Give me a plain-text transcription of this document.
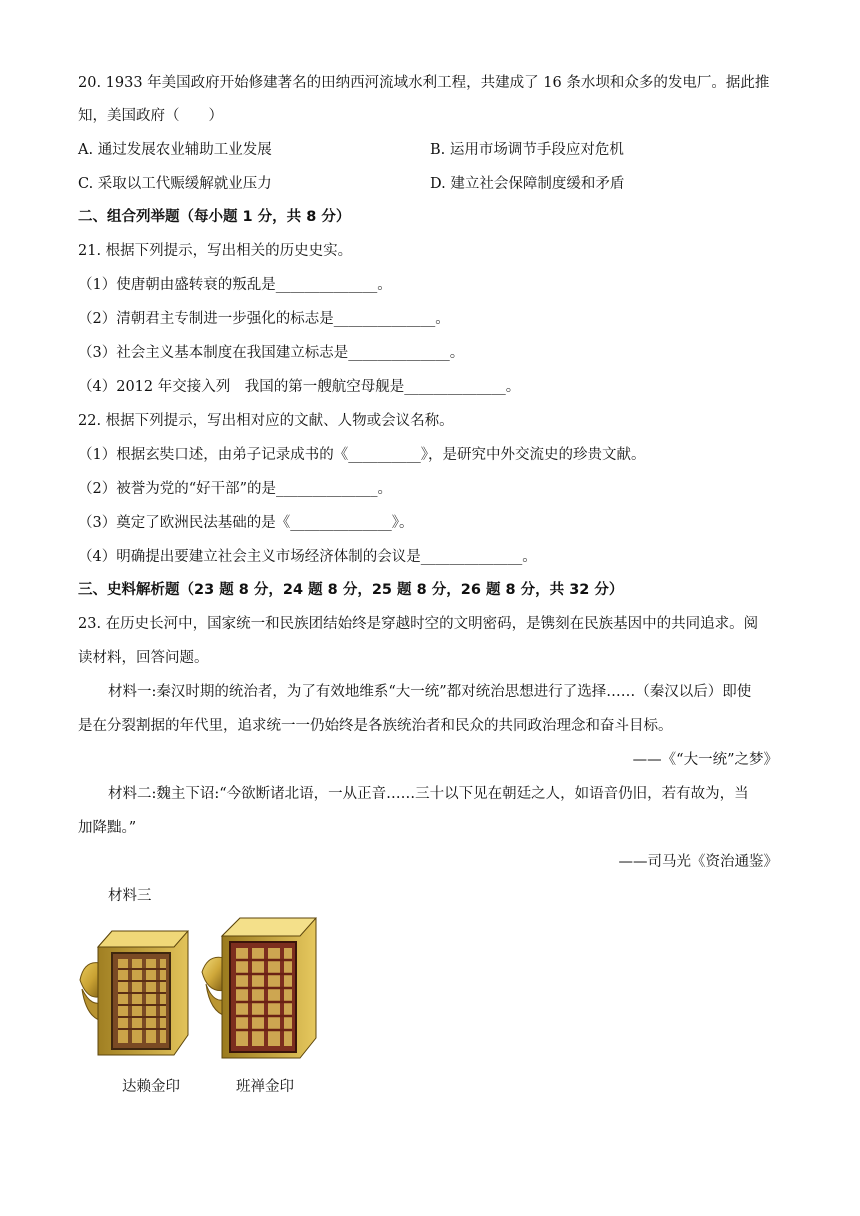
20. 1933 年美国政府开始修建著名的田纳西河流域水利工程，共建成了 16 条水坝和众多的发电厂。据此推
知，美国政府（　　）
A. 通过发展农业辅助工业发展	B. 运用市场调节手段应对危机
C. 采取以工代赈缓解就业压力	D. 建立社会保障制度缓和矛盾
二、组合列举题（每小题 1 分，共 8 分）
21. 根据下列提示，写出相关的历史史实。
（1）使唐朝由盛转衰的叛乱是______________。
（2）清朝君主专制进一步强化的标志是______________。
（3）社会主义基本制度在我国建立标志是______________。
（4）2012 年交接入列　我国的第一艘航空母舰是______________。
22. 根据下列提示，写出相对应的文献、人物或会议名称。
（1）根据玄奘口述，由弟子记录成书的《__________》，是研究中外交流史的珍贵文献。
（2）被誉为党的“好干部”的是______________。
（3）奠定了欧洲民法基础的是《______________》。
（4）明确提出要建立社会主义市场经济体制的会议是______________。
三、史料解析题（23 题 8 分，24 题 8 分，25 题 8 分，26 题 8 分，共 32 分）
23. 在历史长河中，国家统一和民族团结始终是穿越时空的文明密码，是镌刻在民族基因中的共同追求。阅
读材料，回答问题。
材料一:秦汉时期的统治者，为了有效地维系“大一统”都对统治思想进行了选择……（秦汉以后）即使
是在分裂割据的年代里，追求统一一仍始终是各族统治者和民众的共同政治理念和奋斗目标。
——《“大一统”之梦》
材料二:魏主下诏:“今欲断诸北语，一从正音……三十以下见在朝廷之人，如语音仍旧，若有故为，当
加降黜。”
——司马光《资治通鉴》
材料三
达赖金印	班禅金印
